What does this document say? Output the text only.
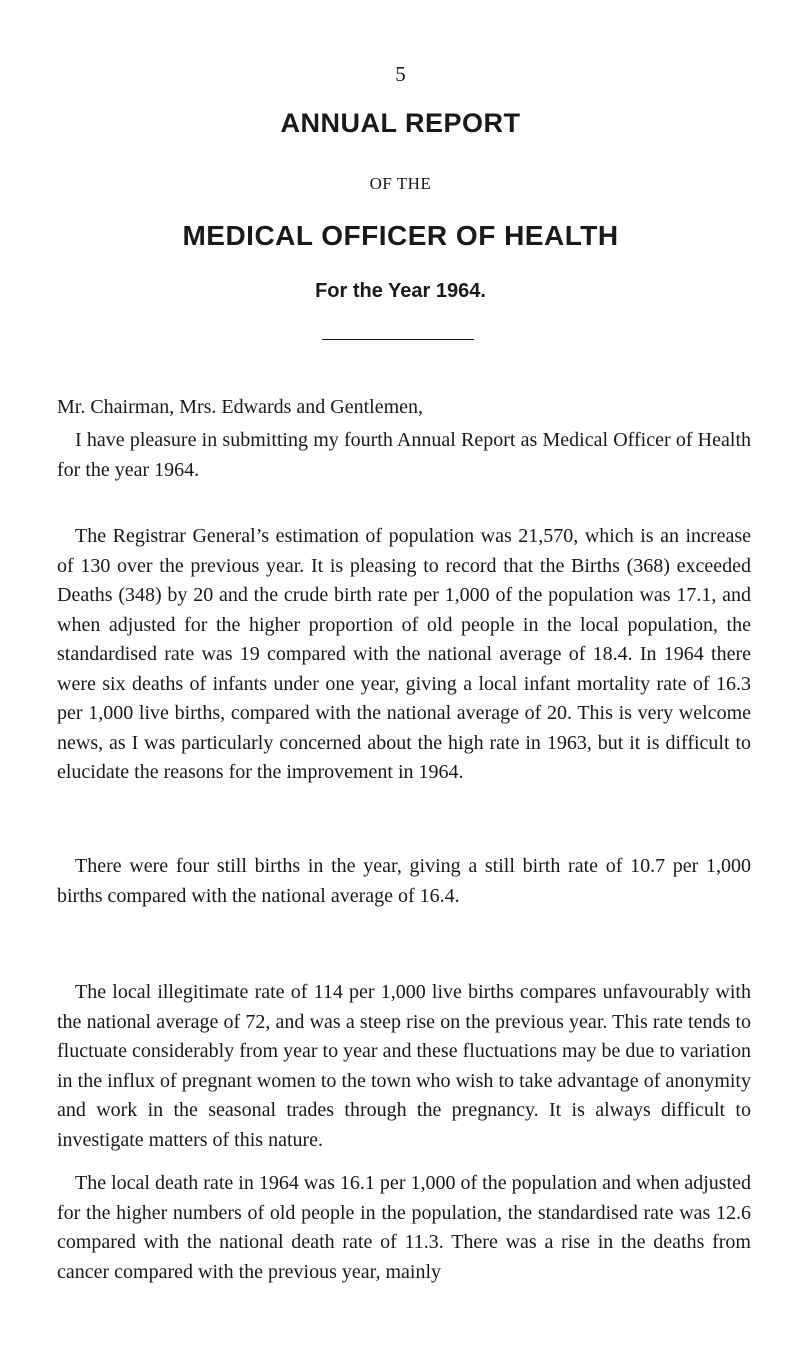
5
ANNUAL REPORT
OF THE
MEDICAL OFFICER OF HEALTH
For the Year 1964.

Mr. Chairman, Mrs. Edwards and Gentlemen,

I have pleasure in submitting my fourth Annual Report as Medical Officer of Health for the year 1964.

The Registrar General’s estimation of population was 21,570, which is an increase of 130 over the previous year. It is pleasing to record that the Births (368) exceeded Deaths (348) by 20 and the crude birth rate per 1,000 of the population was 17.1, and when adjusted for the higher proportion of old people in the local population, the standardised rate was 19 compared with the national average of 18.4. In 1964 there were six deaths of infants under one year, giving a local infant mortality rate of 16.3 per 1,000 live births, compared with the national average of 20. This is very welcome news, as I was particularly concerned about the high rate in 1963, but it is difficult to elucidate the reasons for the improvement in 1964.

There were four still births in the year, giving a still birth rate of 10.7 per 1,000 births compared with the national average of 16.4.

The local illegitimate rate of 114 per 1,000 live births compares unfavourably with the national average of 72, and was a steep rise on the previous year. This rate tends to fluctuate considerably from year to year and these fluctuations may be due to variation in the influx of pregnant women to the town who wish to take advantage of anonymity and work in the seasonal trades through the pregnancy. It is always difficult to investigate matters of this nature.

The local death rate in 1964 was 16.1 per 1,000 of the population and when adjusted for the higher numbers of old people in the population, the standardised rate was 12.6 compared with the national death rate of 11.3. There was a rise in the deaths from cancer compared with the previous year, mainly
